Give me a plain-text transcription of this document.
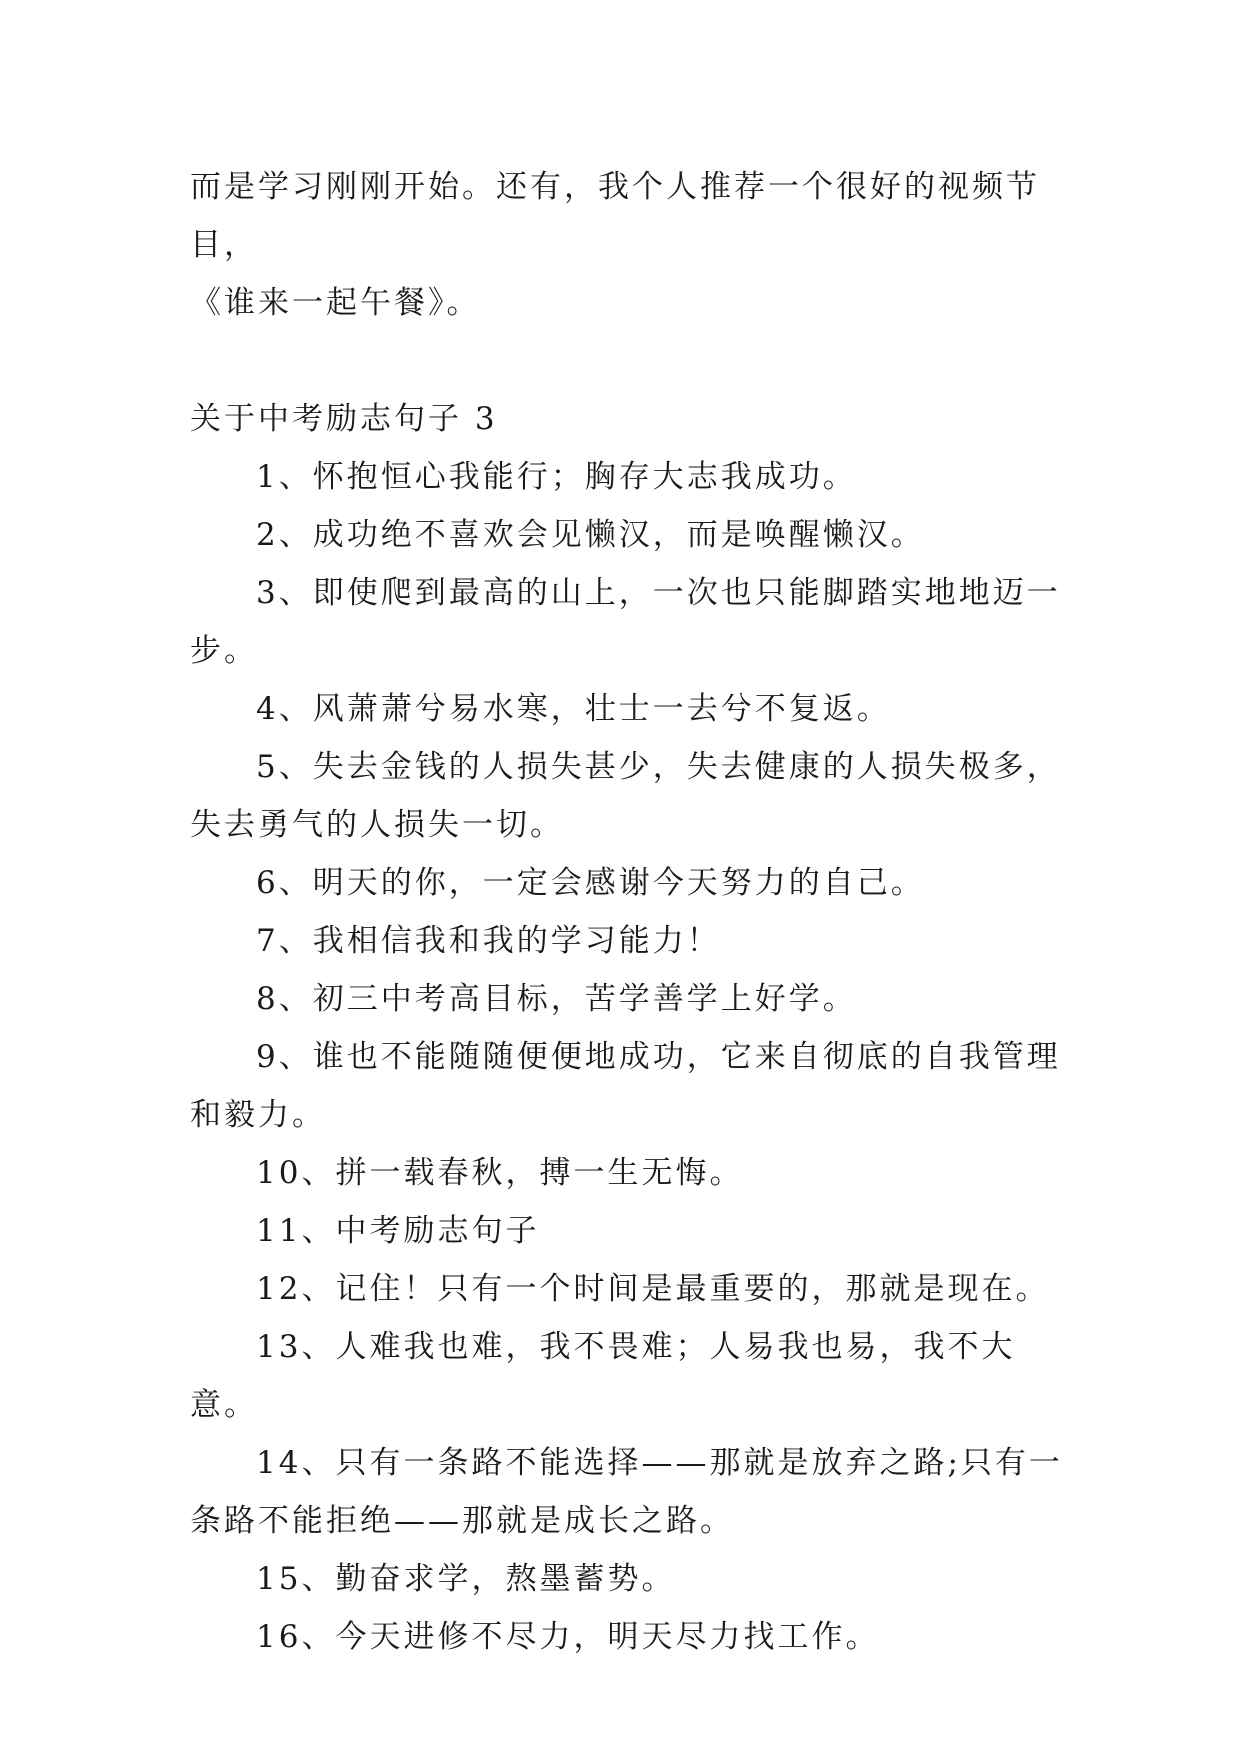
而是学习刚刚开始。还有，我个人推荐一个很好的视频节目，

《谁来一起午餐》。

关于中考励志句子 3

1、怀抱恒心我能行；胸存大志我成功。

2、成功绝不喜欢会见懒汉，而是唤醒懒汉。

3、即使爬到最高的山上，一次也只能脚踏实地地迈一步。

4、风萧萧兮易水寒，壮士一去兮不复返。

5、失去金钱的人损失甚少，失去健康的人损失极多，失去勇气的人损失一切。

6、明天的你，一定会感谢今天努力的自己。

7、我相信我和我的学习能力！

8、初三中考高目标，苦学善学上好学。

9、谁也不能随随便便地成功，它来自彻底的自我管理和毅力。

10、拼一载春秋，搏一生无悔。

11、中考励志句子

12、记住！只有一个时间是最重要的，那就是现在。

13、人难我也难，我不畏难；人易我也易，我不大意。

14、只有一条路不能选择——那就是放弃之路;只有一条路不能拒绝——那就是成长之路。

15、勤奋求学，熬墨蓄势。

16、今天进修不尽力，明天尽力找工作。
